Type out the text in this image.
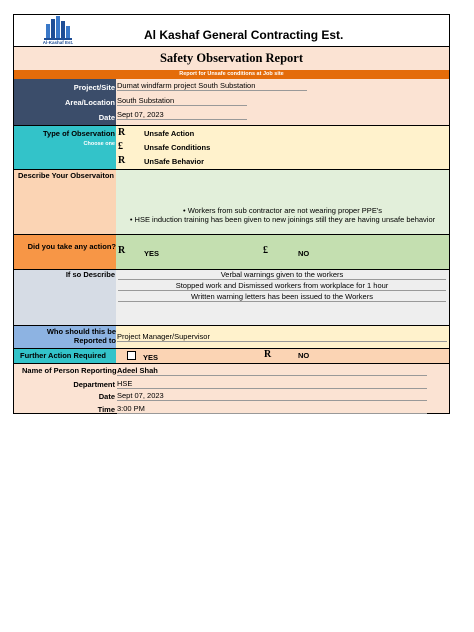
Al-Kashaf Est.
Al Kashaf General Contracting Est.
Safety Observation Report
Report for Unsafe conditions at Job site
Project/Site Dumat windfarm project South Substation
Area/Location South Substation
Date Sept 07, 2023
Type of Observation
Choose one
R	Unsafe Action
£	Unsafe Conditions
R	UnSafe Behavior
Describe Your Observaiton
• Workers from sub contractor are not wearing proper PPE's
• HSE induction training has been given to new joinings still they are having unsafe behavior
Did you take any action? R	YES	£	NO
If so Describe	Verbal warnings given to the workers
Stopped work and Dismissed workers from workplace for 1 hour
Written warning letters has been issued to the Workers
Who should this be Reported to Project Manager/Supervisor
Further Action Required	YES	R	NO
Name of Person Reporting Adeel Shah
Department HSE
Date Sept 07, 2023
Time 3:00 PM
